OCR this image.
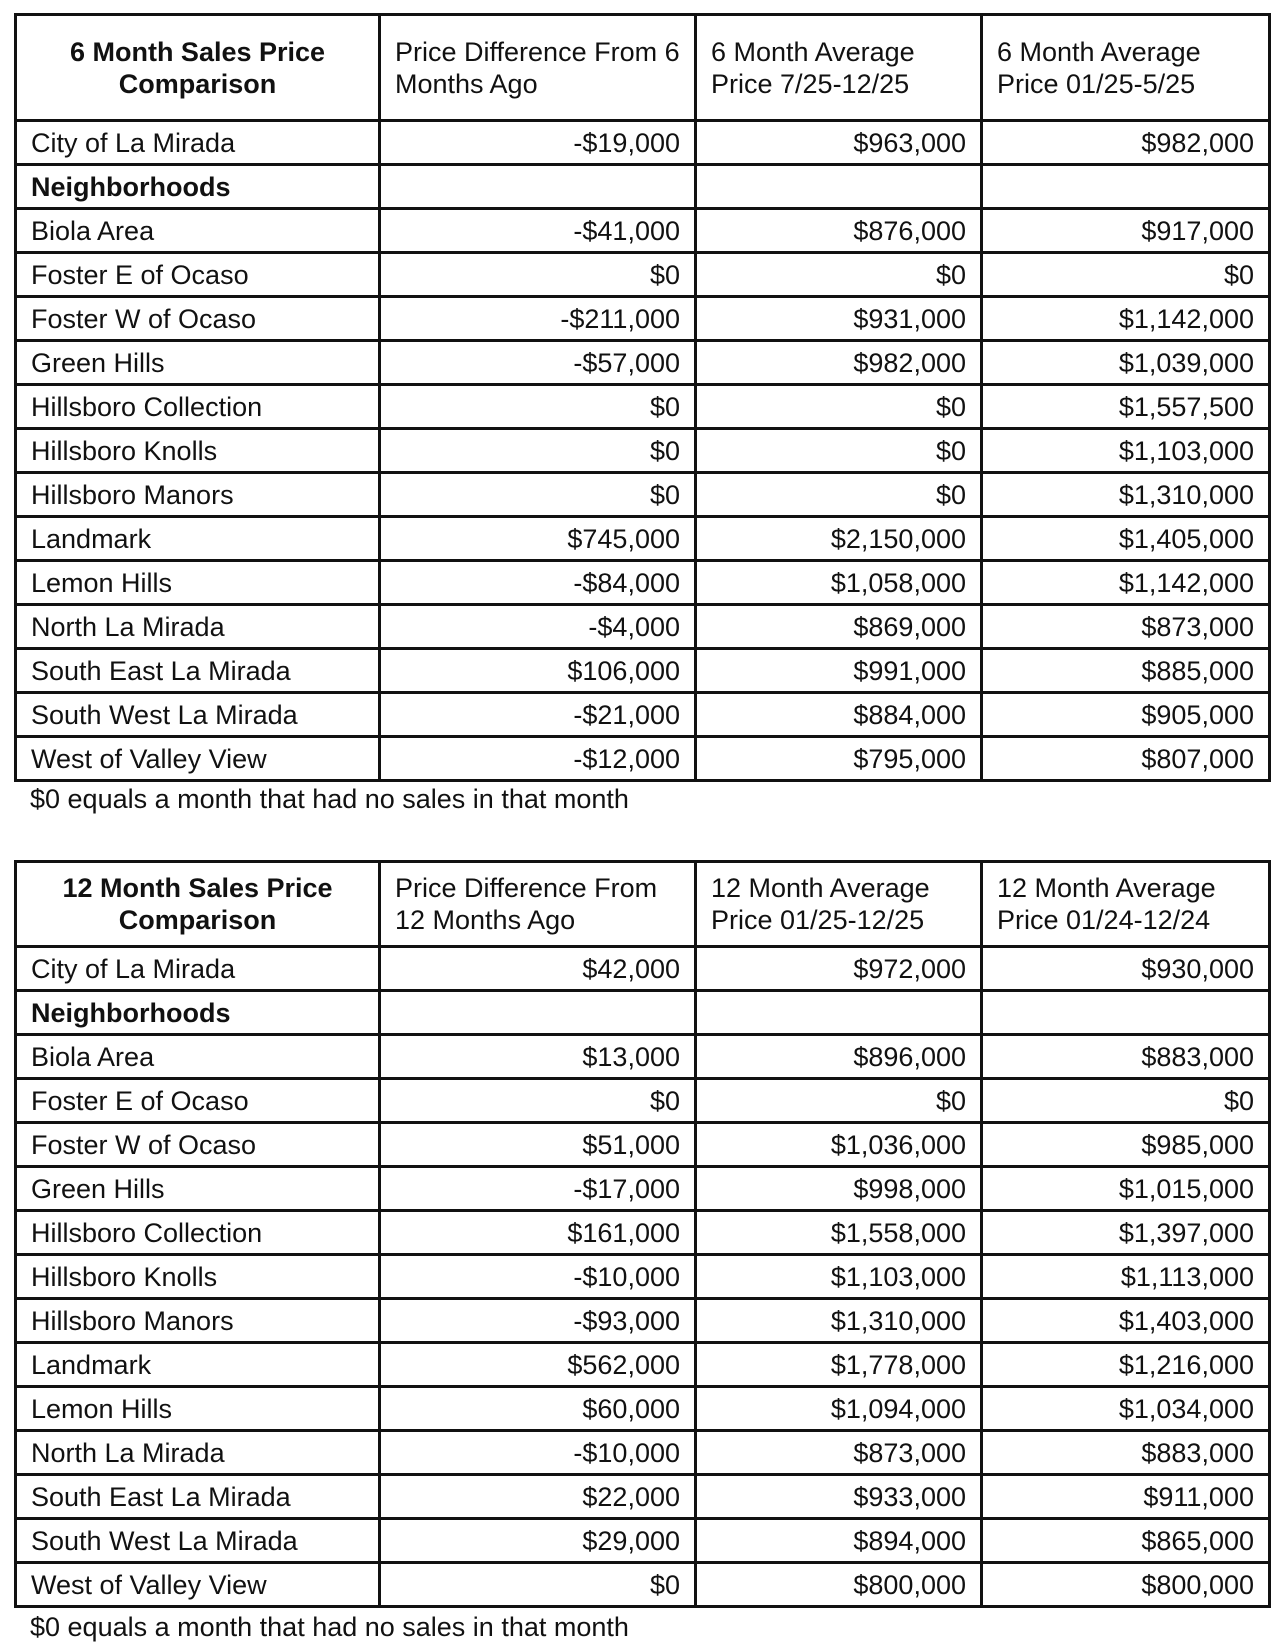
6 Month Sales Price Comparison	Price Difference From 6 Months Ago	6 Month Average Price 7/25-12/25	6 Month Average Price 01/25-5/25
City of La Mirada	-$19,000	$963,000	$982,000
Neighborhoods			
Biola Area	-$41,000	$876,000	$917,000
Foster E of Ocaso	$0	$0	$0
Foster W of Ocaso	-$211,000	$931,000	$1,142,000
Green Hills	-$57,000	$982,000	$1,039,000
Hillsboro Collection	$0	$0	$1,557,500
Hillsboro Knolls	$0	$0	$1,103,000
Hillsboro Manors	$0	$0	$1,310,000
Landmark	$745,000	$2,150,000	$1,405,000
Lemon Hills	-$84,000	$1,058,000	$1,142,000
North La Mirada	-$4,000	$869,000	$873,000
South East La Mirada	$106,000	$991,000	$885,000
South West La Mirada	-$21,000	$884,000	$905,000
West of Valley View	-$12,000	$795,000	$807,000
$0 equals a month that had no sales in that month
12 Month Sales Price Comparison	Price Difference From 12 Months Ago	12 Month Average Price 01/25-12/25	12 Month Average Price 01/24-12/24
City of La Mirada	$42,000	$972,000	$930,000
Neighborhoods			
Biola Area	$13,000	$896,000	$883,000
Foster E of Ocaso	$0	$0	$0
Foster W of Ocaso	$51,000	$1,036,000	$985,000
Green Hills	-$17,000	$998,000	$1,015,000
Hillsboro Collection	$161,000	$1,558,000	$1,397,000
Hillsboro Knolls	-$10,000	$1,103,000	$1,113,000
Hillsboro Manors	-$93,000	$1,310,000	$1,403,000
Landmark	$562,000	$1,778,000	$1,216,000
Lemon Hills	$60,000	$1,094,000	$1,034,000
North La Mirada	-$10,000	$873,000	$883,000
South East La Mirada	$22,000	$933,000	$911,000
South West La Mirada	$29,000	$894,000	$865,000
West of Valley View	$0	$800,000	$800,000
$0 equals a month that had no sales in that month
